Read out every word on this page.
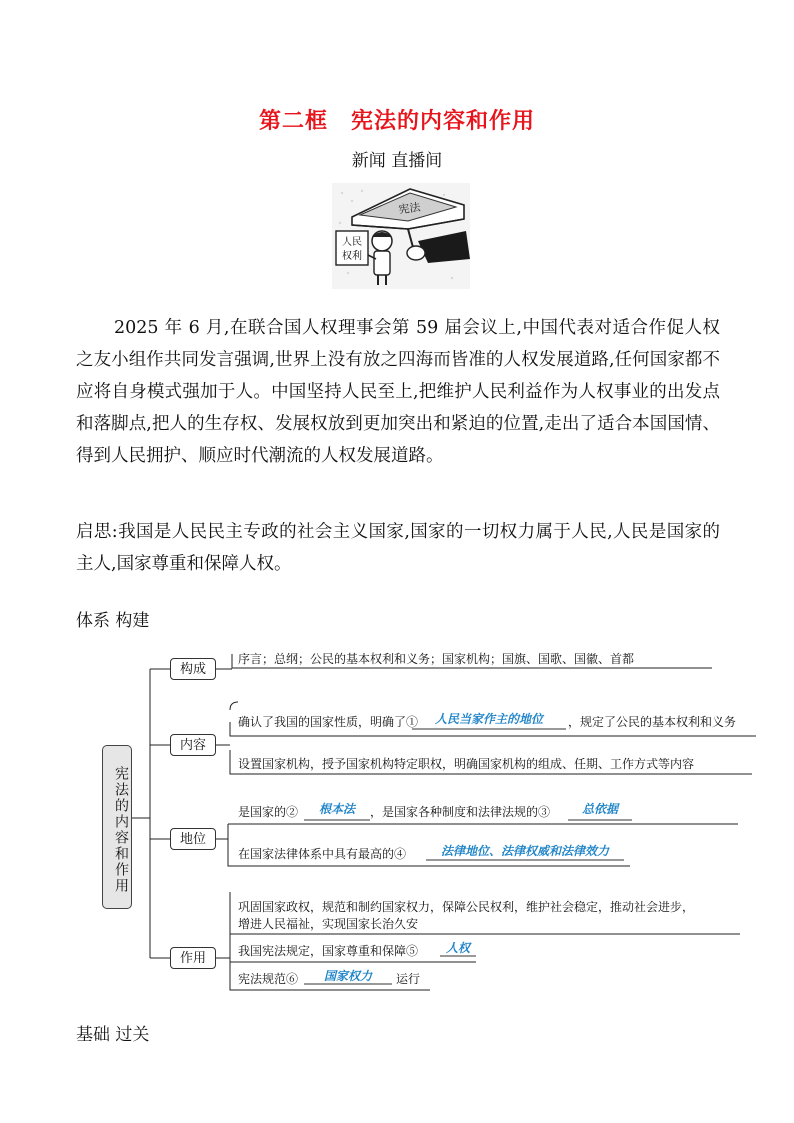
第二框　宪法的内容和作用
新闻 直播间
宪法
人民
权利
2025 年 6 月,在联合国人权理事会第 59 届会议上,中国代表对适合作促人权之友小组作共同发言强调,世界上没有放之四海而皆准的人权发展道路,任何国家都不应将自身模式强加于人。中国坚持人民至上,把维护人民利益作为人权事业的出发点和落脚点,把人的生存权、发展权放到更加突出和紧迫的位置,走出了适合本国国情、得到人民拥护、顺应时代潮流的人权发展道路。
启思:我国是人民民主专政的社会主义国家,国家的一切权力属于人民,人民是国家的主人,国家尊重和保障人权。
体系 构建
宪法的内容和作用
构成
内容
地位
作用
序言；总纲；公民的基本权利和义务；国家机构；国旗、国歌、国徽、首都
确认了我国的国家性质，明确了①	人民当家作主的地位	，规定了公民的基本权利和义务
设置国家机构，授予国家机构特定职权，明确国家机构的组成、任期、工作方式等内容
是国家的②	根本法	，是国家各种制度和法律法规的③	总依据
在国家法律体系中具有最高的④	法律地位、法律权威和法律效力
巩固国家政权，规范和制约国家权力，保障公民权利，维护社会稳定，推动社会进步，
增进人民福祉，实现国家长治久安
我国宪法规定，国家尊重和保障⑤	人权
宪法规范⑥	国家权力	运行
基础 过关
